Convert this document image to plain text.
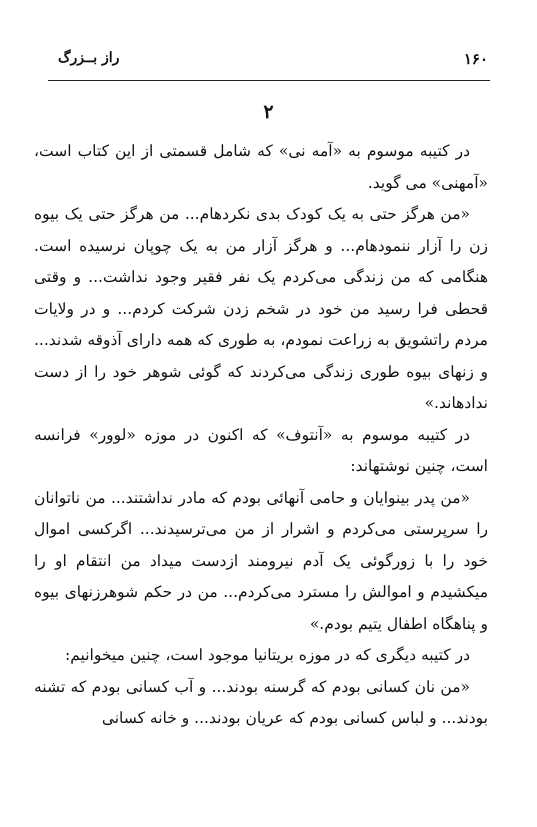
۱۶۰
راز بــزرگ
۲

در کتیبه موسوم به «آمه نی» که شامل قسمتی از این کتاب است، «آمهنی» می گوید.

«من هرگز حتی به یک کودک بدی نکردهام... من هرگز حتی یک بیوه زن را آزار ننمودهام... و هرگز آزار من به یک چوپان نرسیده است. هنگامی که من زندگی می‌کردم یک نفر فقیر وجود نداشت... و وقتی قحطی فرا رسید من خود در شخم زدن شرکت کردم... و در ولایات مردم راتشویق به زراعت نمودم، به طوری که همه دارای آذوقه شدند... و زنهای بیوه طوری زندگی می‌کردند که گوئی شوهر خود را از دست ندادهاند.»

در کتیبه موسوم به «آنتوف» که اکنون در موزه «لوور» فرانسه است، چنین نوشتهاند:

«من پدر بینوایان و حامی آنهائی بودم که مادر نداشتند... من ناتوانان را سرپرستی می‌کردم و اشرار از من می‌ترسیدند... اگرکسی اموال خود را با زورگوئی یک آدم نیرومند ازدست میداد من انتقام او را میکشیدم و اموالش را مسترد می‌کردم... من در حکم شوهرزنهای بیوه و پناهگاه اطفال یتیم بودم.»

در کتیبه دیگری که در موزه بریتانیا موجود است، چنین میخوانیم:

«من نان کسانی بودم که گرسنه بودند... و آب کسانی بودم که تشنه بودند... و لباس کسانی بودم که عریان بودند... و خانه کسانی
